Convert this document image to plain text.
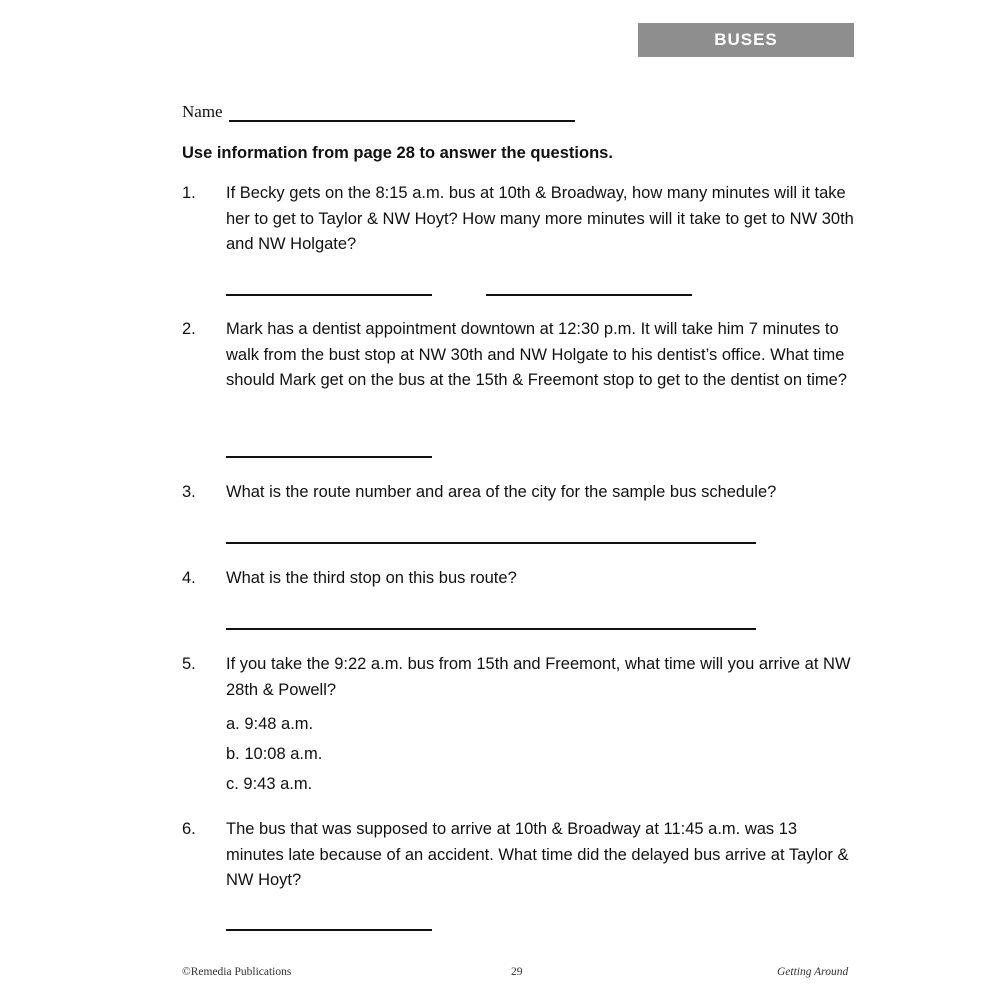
BUSES
Name
Use information from page 28 to answer the questions.
1. If Becky gets on the 8:15 a.m. bus at 10th & Broadway, how many minutes will it take her to get to Taylor & NW Hoyt? How many more minutes will it take to get to NW 30th and NW Holgate?
2. Mark has a dentist appointment downtown at 12:30 p.m. It will take him 7 minutes to walk from the bust stop at NW 30th and NW Holgate to his dentist’s office. What time should Mark get on the bus at the 15th & Freemont stop to get to the dentist on time?
3. What is the route number and area of the city for the sample bus schedule?
4. What is the third stop on this bus route?
5. If you take the 9:22 a.m. bus from 15th and Freemont, what time will you arrive at NW 28th & Powell?
a. 9:48 a.m.
b. 10:08 a.m.
c. 9:43 a.m.
6. The bus that was supposed to arrive at 10th & Broadway at 11:45 a.m. was 13 minutes late because of an accident. What time did the delayed bus arrive at Taylor & NW Hoyt?
©Remedia Publications	29	Getting Around
